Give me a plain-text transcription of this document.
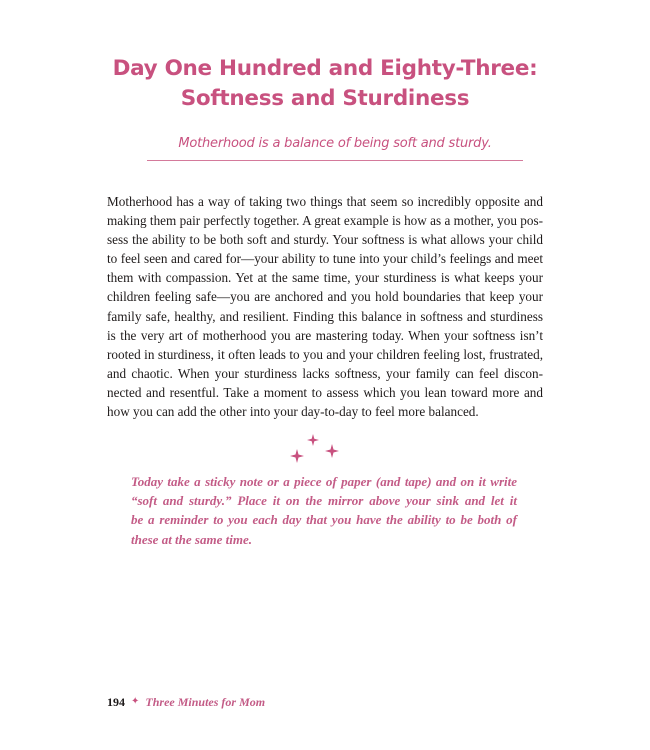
Day One Hundred and Eighty-Three:
Softness and Sturdiness
Motherhood is a balance of being soft and sturdy.
Motherhood has a way of taking two things that seem so incredibly opposite and
making them pair perfectly together. A great example is how as a mother, you pos-
sess the ability to be both soft and sturdy. Your softness is what allows your child
to feel seen and cared for—your ability to tune into your child’s feelings and meet
them with compassion. Yet at the same time, your sturdiness is what keeps your
children feeling safe—you are anchored and you hold boundaries that keep your
family safe, healthy, and resilient. Finding this balance in softness and sturdiness
is the very art of motherhood you are mastering today. When your softness isn’t
rooted in sturdiness, it often leads to you and your children feeling lost, frustrated,
and chaotic. When your sturdiness lacks softness, your family can feel discon-
nected and resentful. Take a moment to assess which you lean toward more and
how you can add the other into your day-to-day to feel more balanced.
Today take a sticky note or a piece of paper (and tape) and on it write
“soft and sturdy.” Place it on the mirror above your sink and let it
be a reminder to you each day that you have the ability to be both of
these at the same time.
194 ✦ Three Minutes for Mom
